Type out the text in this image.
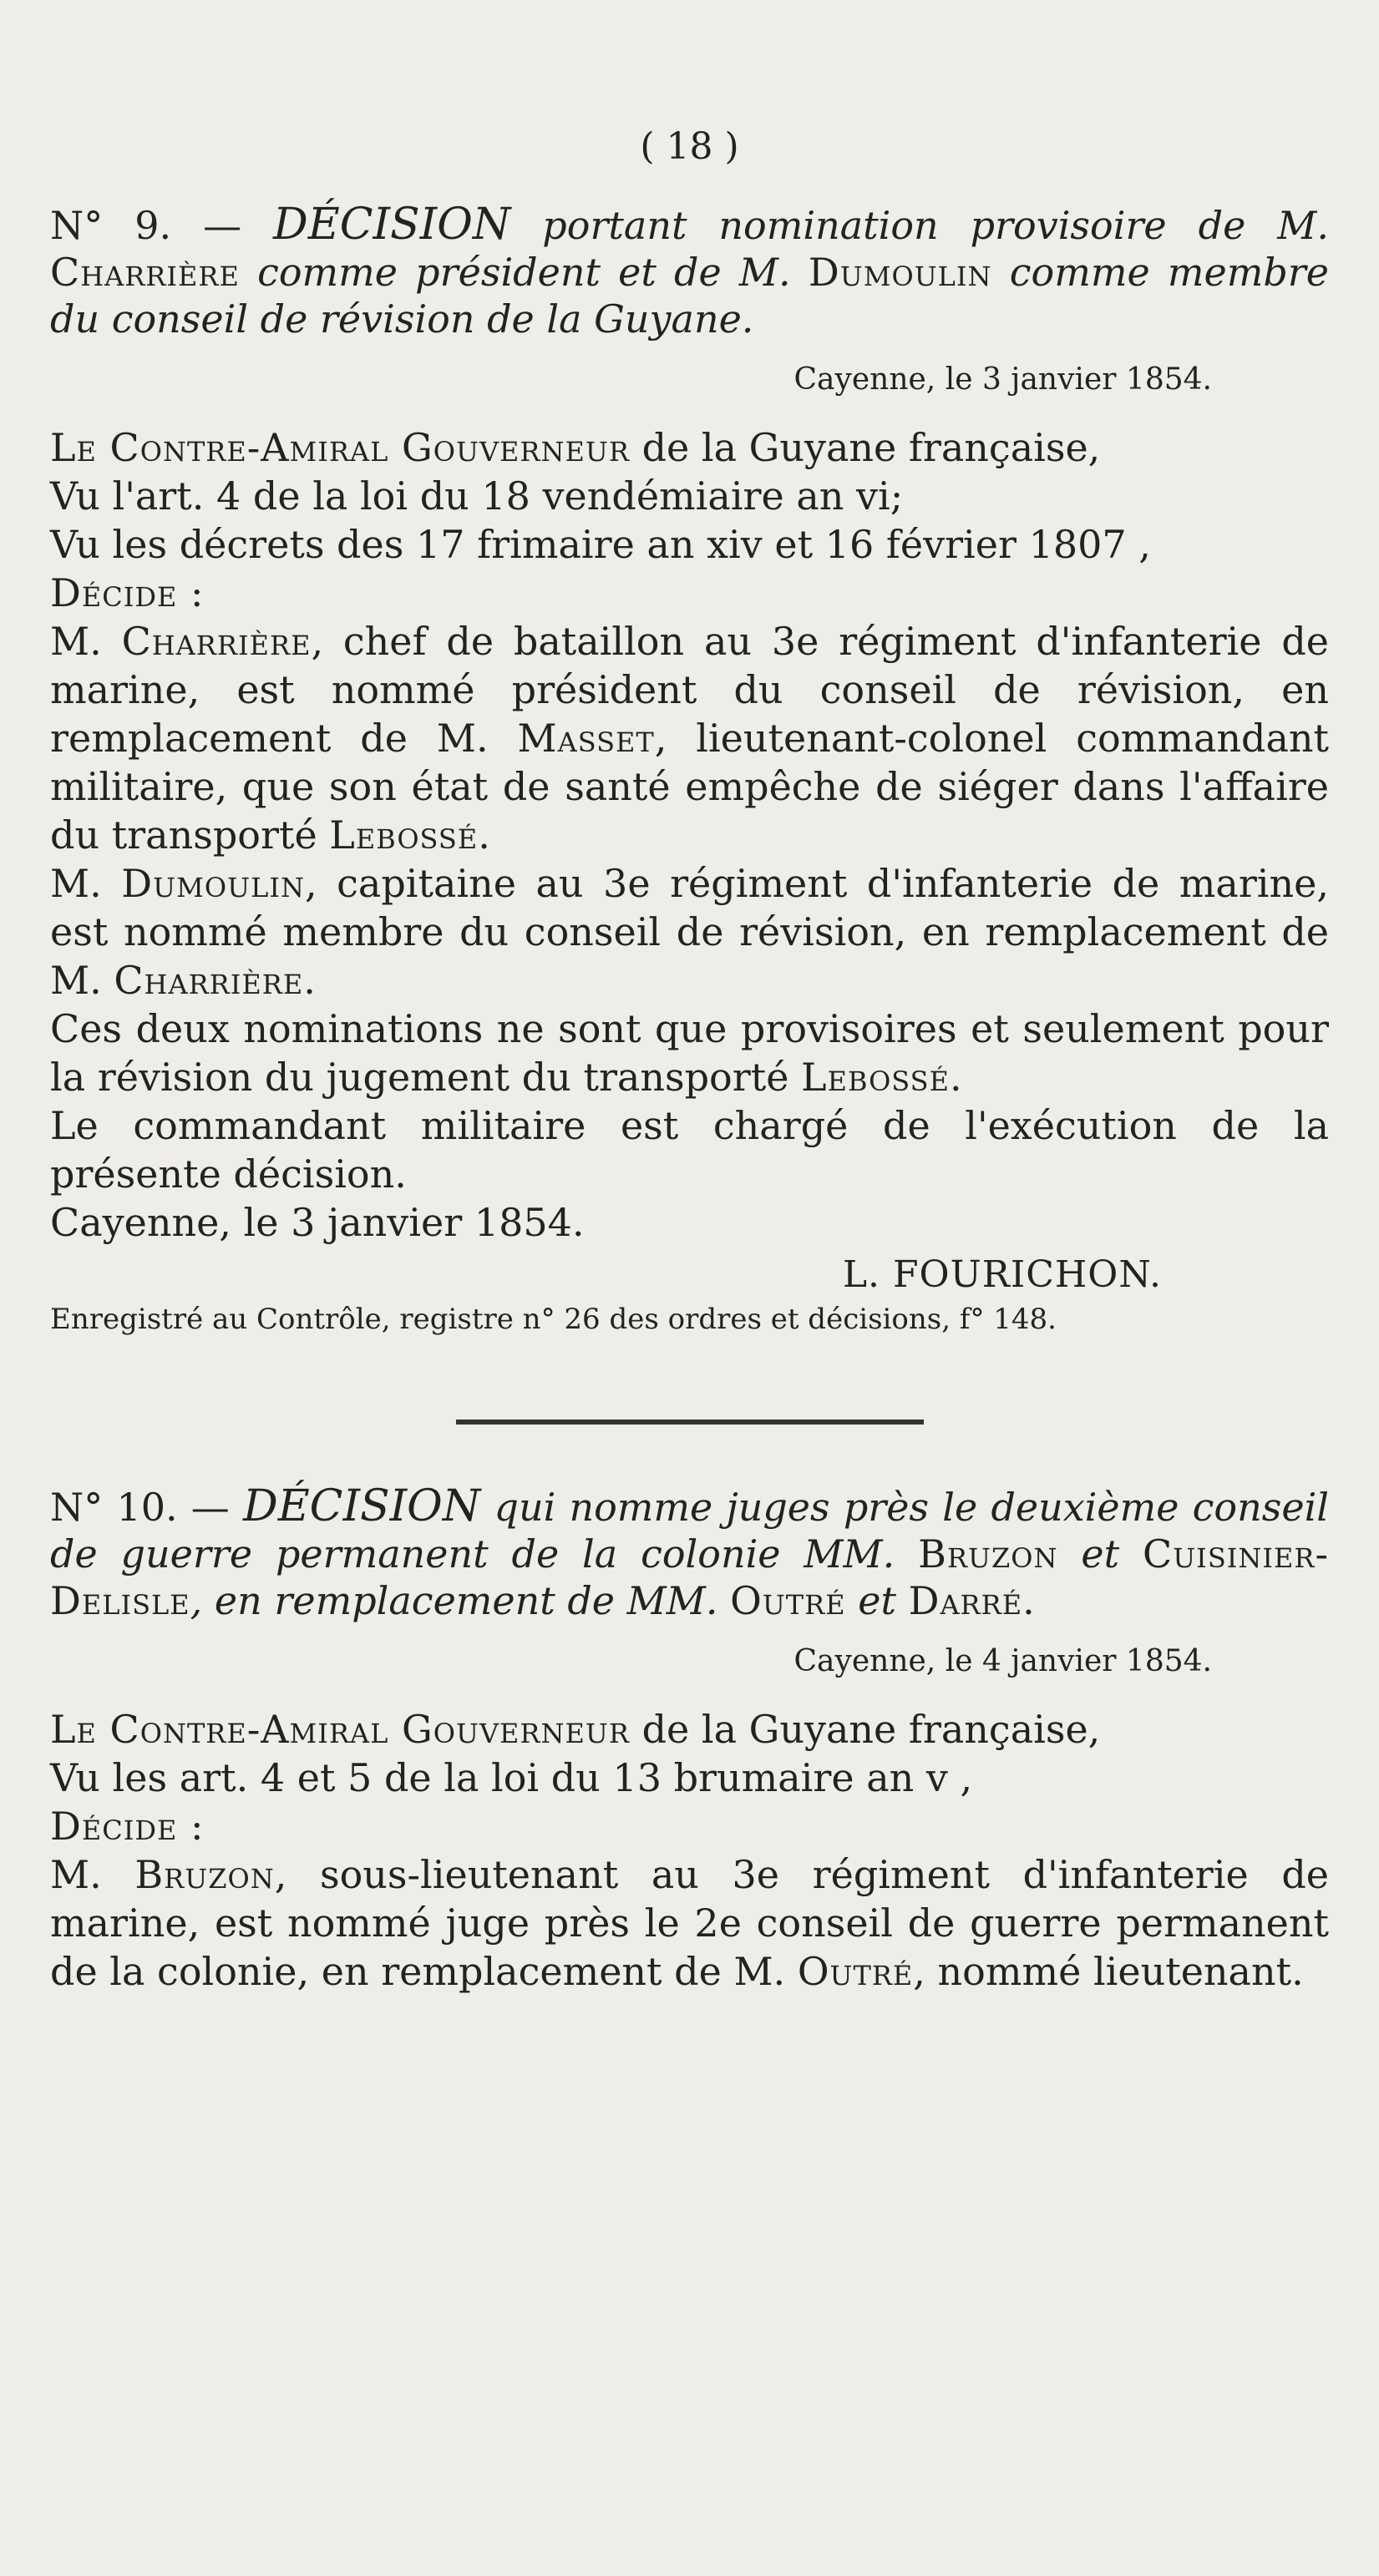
( 18 )
N° 9. — DÉCISION portant nomination provisoire de M. Charrière comme président et de M. Dumoulin comme membre du conseil de révision de la Guyane.
Cayenne, le 3 janvier 1854.

Le Contre-Amiral Gouverneur de la Guyane française,

Vu l'art. 4 de la loi du 18 vendémiaire an vi;

Vu les décrets des 17 frimaire an xiv et 16 février 1807 ,

Décide :

M. Charrière, chef de bataillon au 3e régiment d'infanterie de marine, est nommé président du conseil de révision, en remplacement de M. Masset, lieutenant-colonel commandant militaire, que son état de santé empêche de siéger dans l'affaire du transporté Lebossé.

M. Dumoulin, capitaine au 3e régiment d'infanterie de marine, est nommé membre du conseil de révision, en remplacement de M. Charrière.

Ces deux nominations ne sont que provisoires et seulement pour la révision du jugement du transporté Lebossé.

Le commandant militaire est chargé de l'exécution de la présente décision.

Cayenne, le 3 janvier 1854.

L. FOURICHON.
Enregistré au Contrôle, registre n° 26 des ordres et décisions, f° 148.
N° 10. — DÉCISION qui nomme juges près le deuxième conseil de guerre permanent de la colonie MM. Bruzon et Cuisinier-Delisle, en remplacement de MM. Outré et Darré.
Cayenne, le 4 janvier 1854.

Le Contre-Amiral Gouverneur de la Guyane française,

Vu les art. 4 et 5 de la loi du 13 brumaire an v ,

Décide :

M. Bruzon, sous-lieutenant au 3e régiment d'infanterie de marine, est nommé juge près le 2e conseil de guerre permanent de la colonie, en remplacement de M. Outré, nommé lieutenant.
